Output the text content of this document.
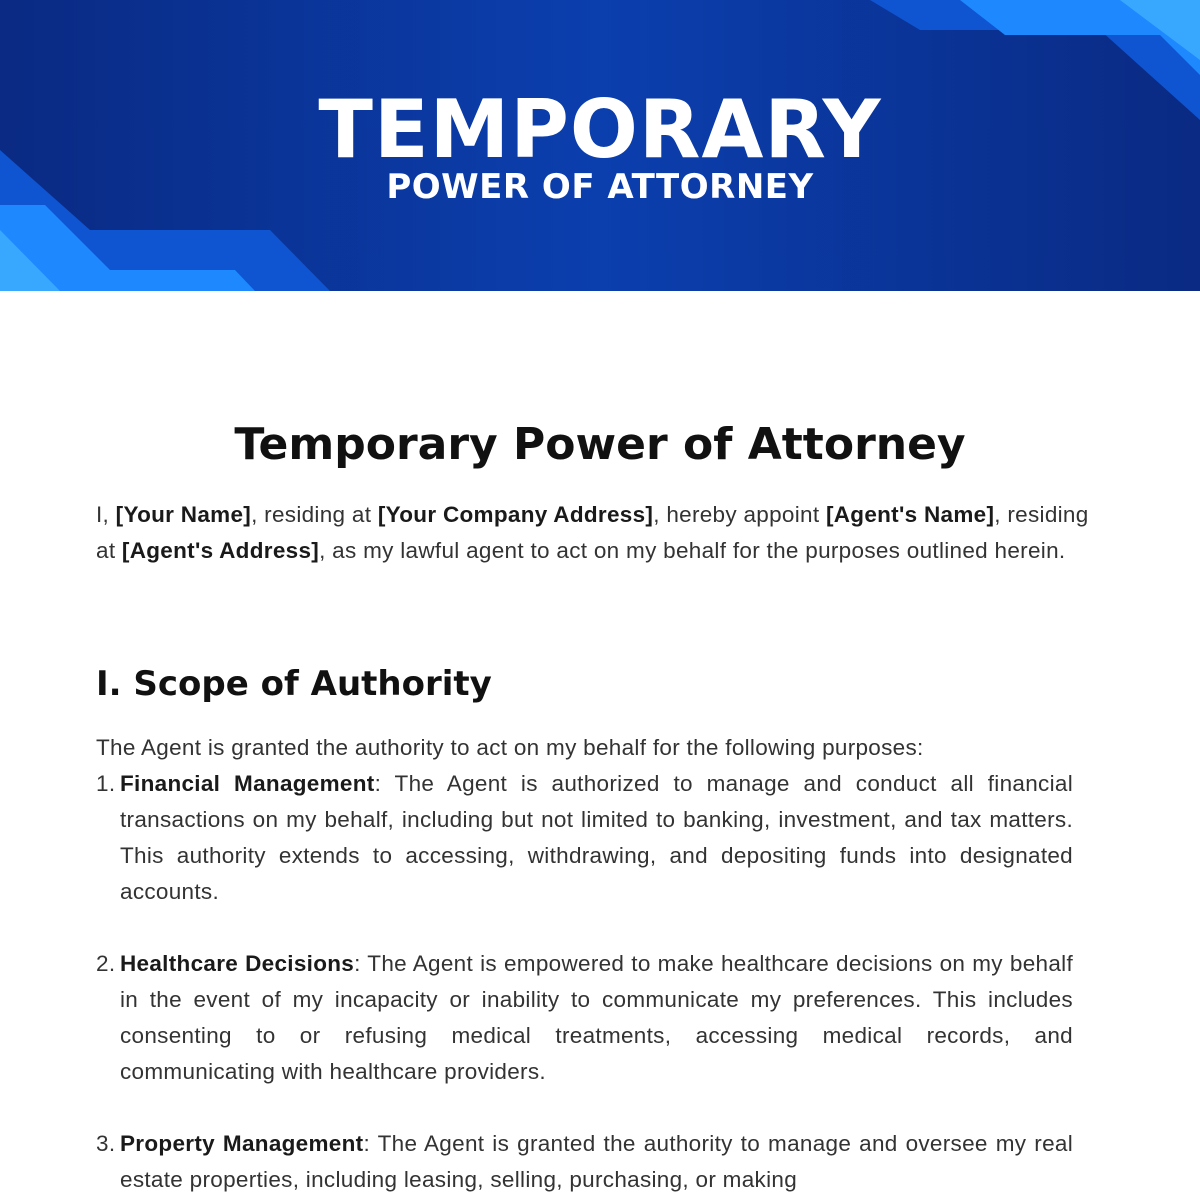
TEMPORARY
POWER OF ATTORNEY
Temporary Power of Attorney

I, [Your Name], residing at [Your Company Address], hereby appoint [Agent's Name], residing at [Agent's Address], as my lawful agent to act on my behalf for the purposes outlined herein.

I. Scope of Authority

The Agent is granted the authority to act on my behalf for the following purposes:

1. Financial Management: The Agent is authorized to manage and conduct all financial transactions on my behalf, including but not limited to banking, investment, and tax matters. This authority extends to accessing, withdrawing, and depositing funds into designated accounts.

2. Healthcare Decisions: The Agent is empowered to make healthcare decisions on my behalf in the event of my incapacity or inability to communicate my preferences. This includes consenting to or refusing medical treatments, accessing medical records, and communicating with healthcare providers.

3. Property Management: The Agent is granted the authority to manage and oversee my real estate properties, including leasing, selling, purchasing, or making
